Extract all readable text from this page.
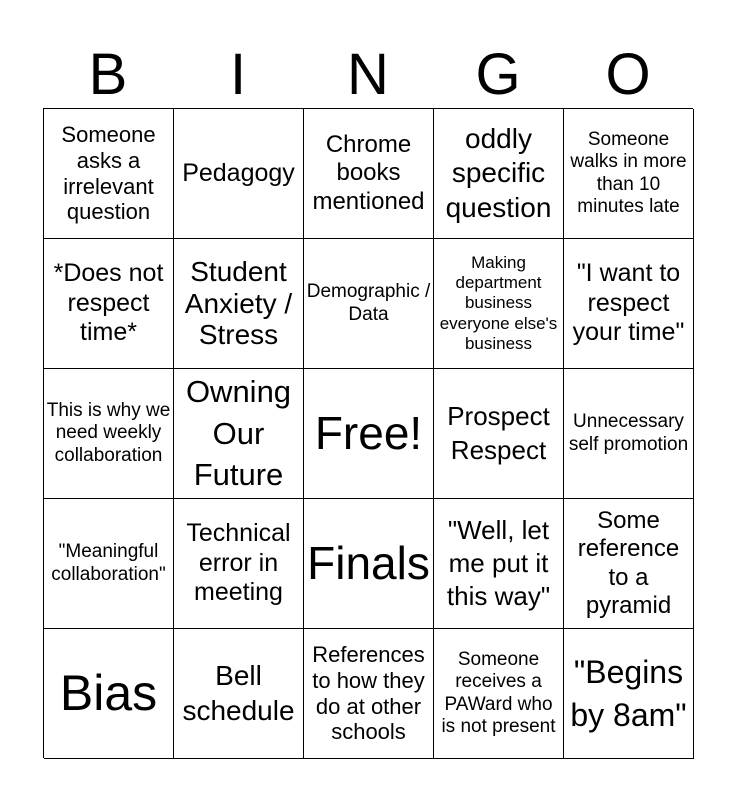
B	I	N	G	O
Someone asks a irrelevant question
Pedagogy
Chrome books mentioned
oddly specific question
Someone walks in more than 10 minutes late
*Does not respect time*
Student Anxiety / Stress
Demographic / Data
Making department business everyone else's business
"I want to respect your time"
This is why we need weekly collaboration
Owning Our Future
Free! Prospect Respect
Unnecessary self promotion
"Meaningful collaboration"
Technical error in meeting
Finals
"Well, let me put it this way"
Some reference to a pyramid
Bias	Bell schedule
References to how they do at other schools
Someone receives a PAWard who is not present
"Begins by 8am"
